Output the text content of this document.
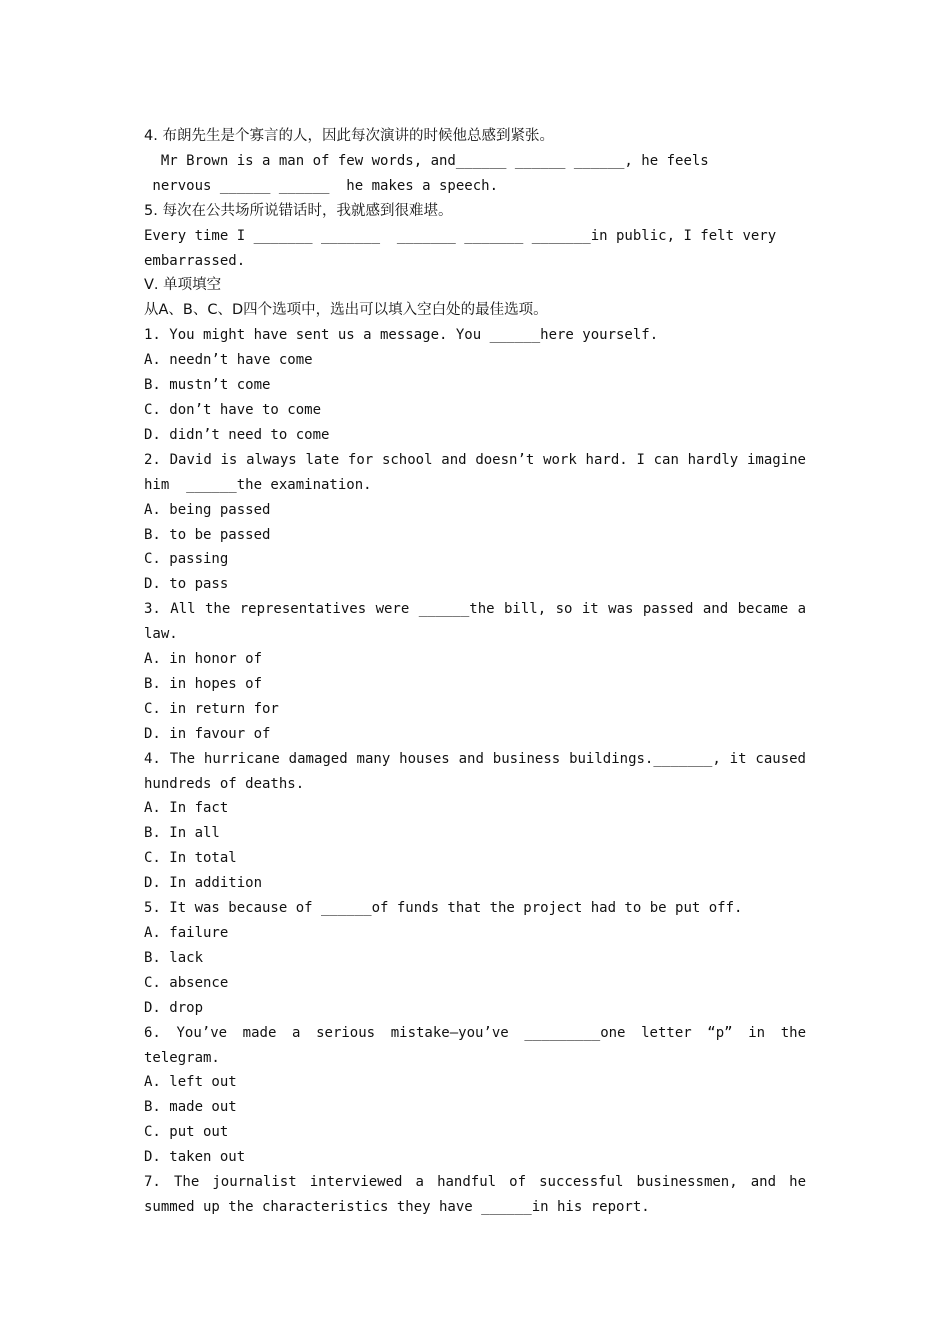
4. 布朗先生是个寡言的人，因此每次演讲的时候他总感到紧张。
Mr Brown is a man of few words, and______ ______ ______, he feels
nervous ______ ______  he makes a speech.
5. 每次在公共场所说错话时，我就感到很难堪。
Every time I _______ _______  _______ _______ _______in public, I felt very
embarrassed.
Ⅴ. 单项填空
从A、B、C、D四个选项中，选出可以填入空白处的最佳选项。
1. You might have sent us a message. You ______here yourself.
A. needn’t have come
B. mustn’t come
C. don’t have to come
D. didn’t need to come
2. David is always late for school and doesn’t work hard. I can hardly imagine
him  ______the examination.
A. being passed
B. to be passed
C. passing
D. to pass
3. All the representatives were ______the bill, so it was passed and became a
law.
A. in honor of
B. in hopes of
C. in return for
D. in favour of
4. The hurricane damaged many houses and business buildings._______, it caused
hundreds of deaths.
A. In fact
B. In all
C. In total
D. In addition
5. It was because of ______of funds that the project had to be put off.
A. failure
B. lack
C. absence
D. drop
6. You’ve made a serious mistake—you’ve _________one letter “p” in the
telegram.
A. left out
B. made out
C. put out
D. taken out
7. The journalist interviewed a handful of successful businessmen, and he
summed up the characteristics they have ______in his report.
